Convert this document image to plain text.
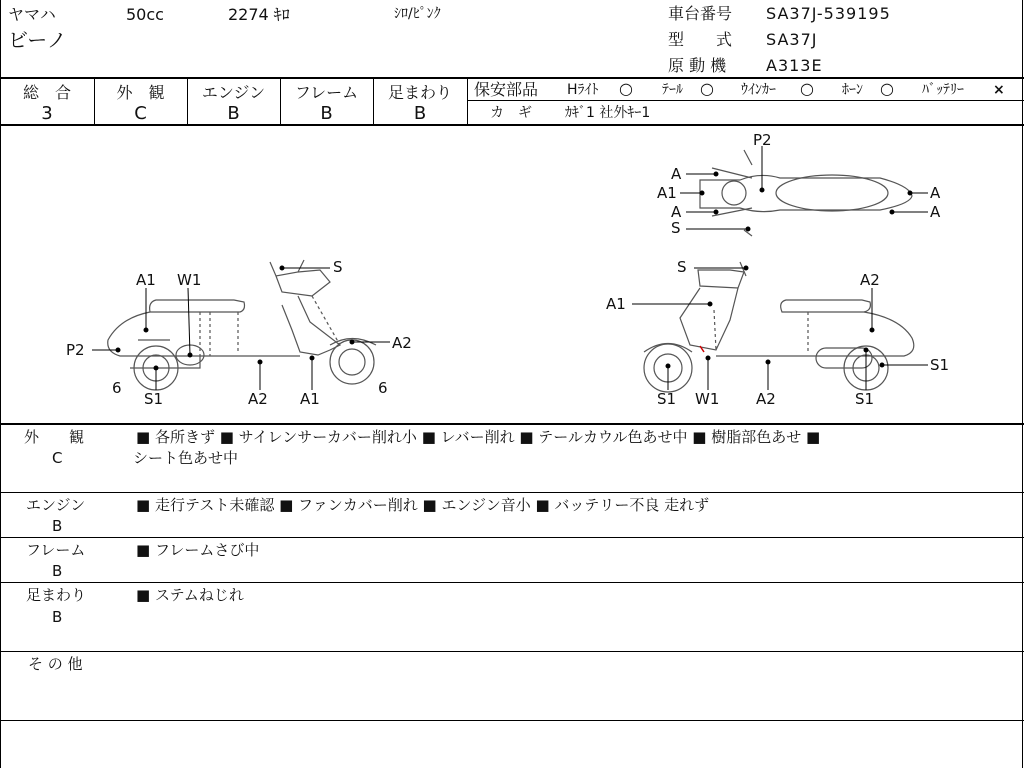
ヤマハ	50cc	2274 ｷﾛ	ｼﾛ/ﾋﾟﾝｸ
ビーノ
車台番号 SA37J-539195
型　　式 SA37J
原 動 機 A313E
総　合
3
外　観
C
エンジン
B
フレーム
B
足まわり
B
保安部品 Hﾗｲﾄ ○ ﾃｰﾙ ○ ｳｲﾝｶｰ ○ ﾎｰﾝ ○ ﾊﾞｯﾃﾘｰ ×
カ　ギ ｶｷﾞ1 社外ｷｰ1
P2
A
A1
A
S
A
A
A1 W1
S
P2	A2
6
S1	A2 A1
6
S
A1
A2
S1
S1 W1 A2	S1
外　　観
C
■ 各所きず ■ サイレンサーカバー削れ小 ■ レバー削れ ■ テールカウル色あせ中 ■ 樹脂部色あせ ■
シート色あせ中
エンジン
B
■ 走行テスト未確認 ■ ファンカバー削れ ■ エンジン音小 ■ バッテリー不良 走れず
フレーム
B
■ フレームさび中
足まわり
B
■ ステムねじれ
そ の 他
